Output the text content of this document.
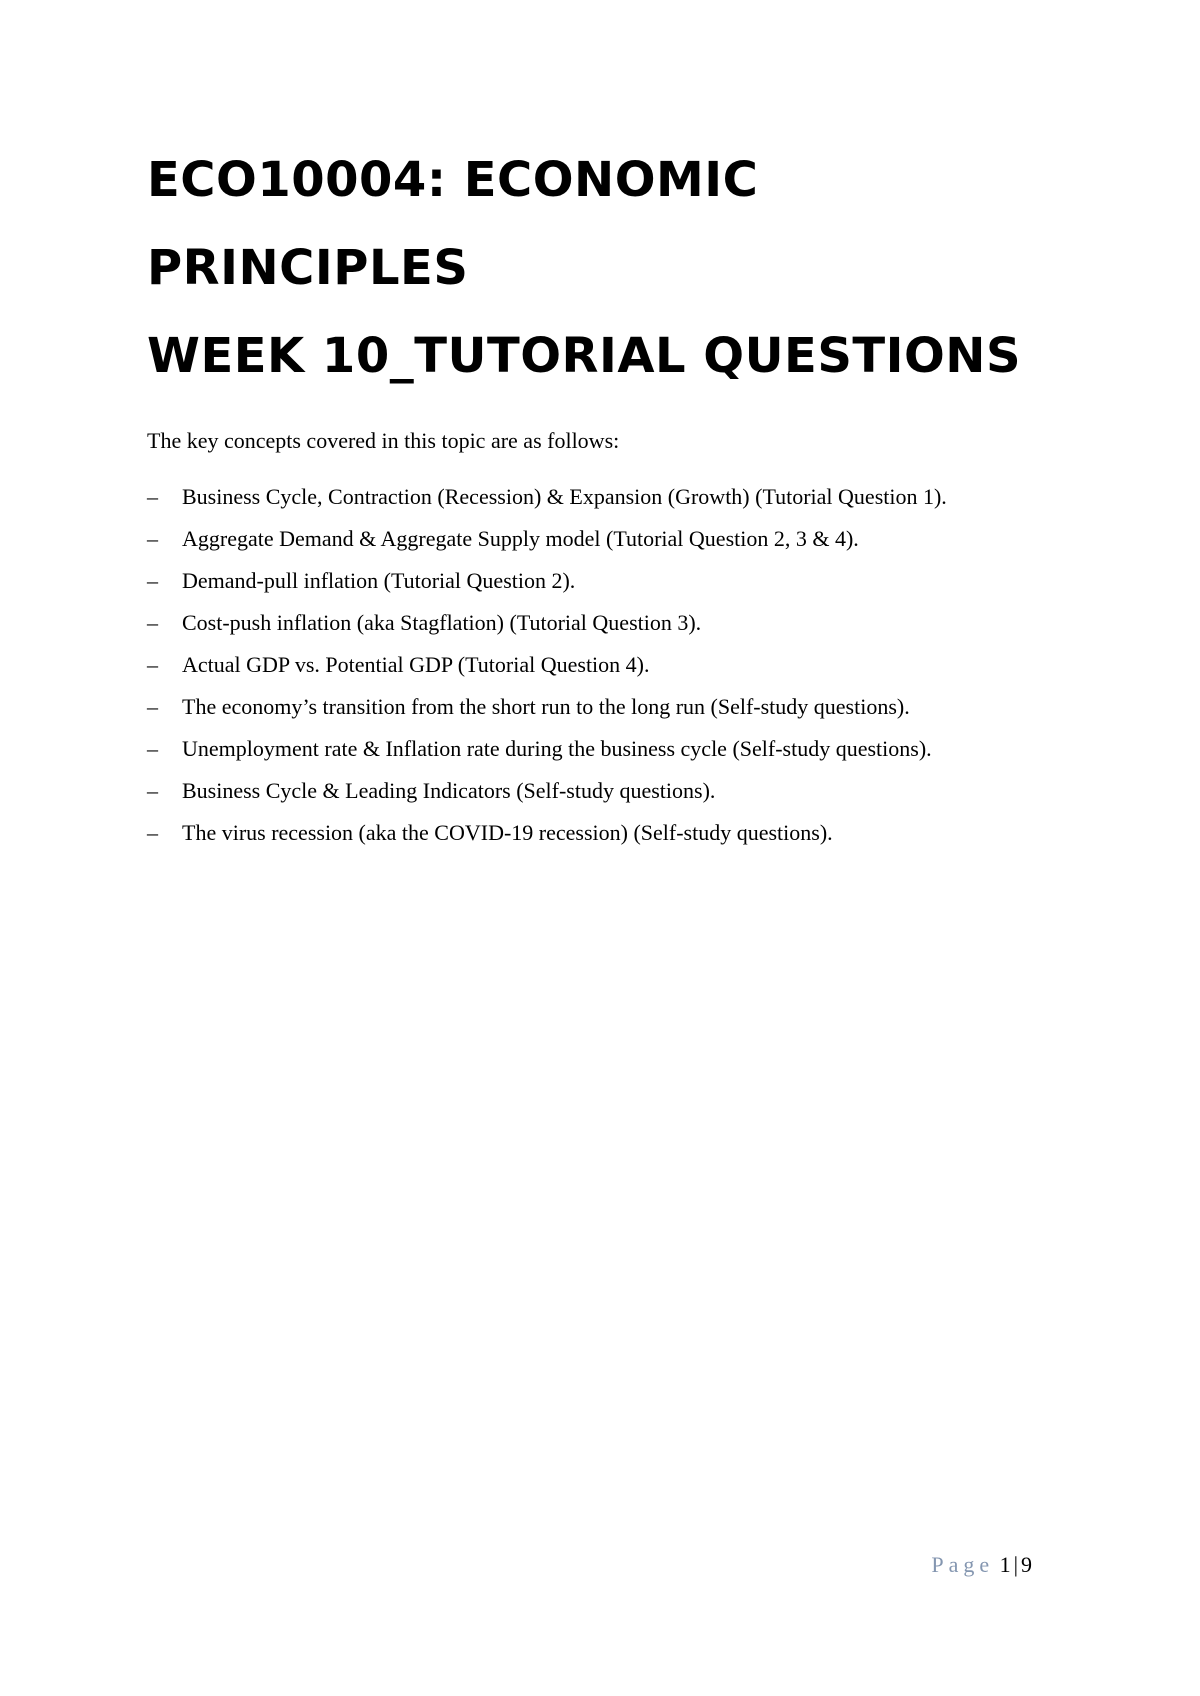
ECO10004: ECONOMIC
PRINCIPLES
WEEK 10_TUTORIAL QUESTIONS
The key concepts covered in this topic are as follows:
–	Business Cycle, Contraction (Recession) & Expansion (Growth) (Tutorial Question 1).
–	Aggregate Demand & Aggregate Supply model (Tutorial Question 2, 3 & 4).
–	Demand-pull inflation (Tutorial Question 2).
–	Cost-push inflation (aka Stagflation) (Tutorial Question 3).
–	Actual GDP vs. Potential GDP (Tutorial Question 4).
–	The economy’s transition from the short run to the long run (Self-study questions).
–	Unemployment rate & Inflation rate during the business cycle (Self-study questions).
–	Business Cycle & Leading Indicators (Self-study questions).
–	The virus recession (aka the COVID-19 recession) (Self-study questions).
Page 1 | 9
